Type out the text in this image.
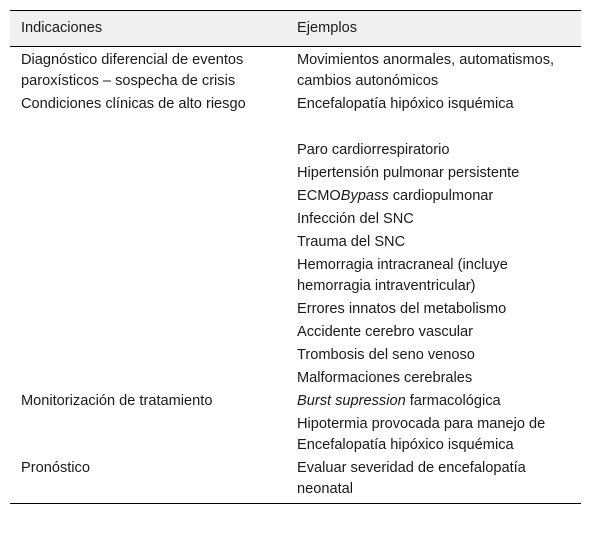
Indicaciones	Ejemplos
Diagnóstico diferencial de eventos paroxísticos – sospecha de crisis	Movimientos anormales, automatismos, cambios autonómicos
Condiciones clínicas de alto riesgo	Encefalopatía hipóxico isquémica

	Paro cardiorrespiratorio
	Hipertensión pulmonar persistente
	ECMOBypass cardiopulmonar
	Infección del SNC
	Trauma del SNC
	Hemorragia intracraneal (incluye hemorragia intraventricular)
	Errores innatos del metabolismo
	Accidente cerebro vascular
	Trombosis del seno venoso
	Malformaciones cerebrales
Monitorización de tratamiento	Burst supression farmacológica
	Hipotermia provocada para manejo de Encefalopatía hipóxico isquémica
Pronóstico	Evaluar severidad de encefalopatía neonatal
